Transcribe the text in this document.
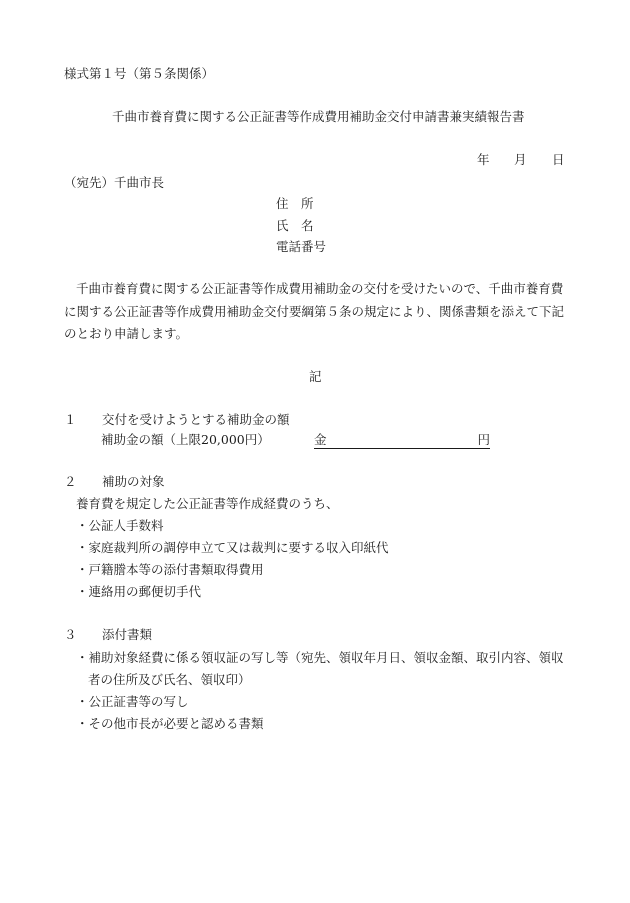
様式第１号（第５条関係）
千曲市養育費に関する公正証書等作成費用補助金交付申請書兼実績報告書
年 月 日
（宛先）千曲市長
住　所
氏　名
電話番号
千曲市養育費に関する公正証書等作成費用補助金の交付を受けたいので、千曲市養育費
に関する公正証書等作成費用補助金交付要綱第５条の規定により、関係書類を添えて下記
のとおり申請します。
記
１ 交付を受けようとする補助金の額
補助金の額（上限20,000円）	金	円
２ 補助の対象
養育費を規定した公正証書等作成経費のうち、
・公証人手数料
・家庭裁判所の調停申立て又は裁判に要する収入印紙代
・戸籍謄本等の添付書類取得費用
・連絡用の郵便切手代
３ 添付書類
・補助対象経費に係る領収証の写し等（宛先、領収年月日、領収金額、取引内容、領収
者の住所及び氏名、領収印）
・公正証書等の写し
・その他市長が必要と認める書類
